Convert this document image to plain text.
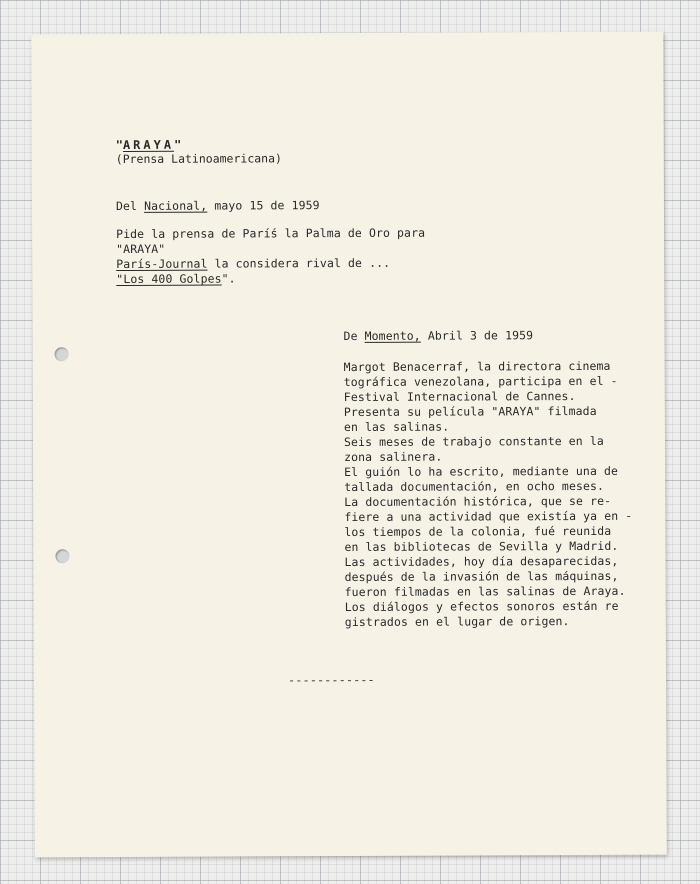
"ARAYA"
(Prensa Latinoamericana)
Del Nacional, mayo 15 de 1959
Pide la prensa de Parí́s la Palma de Oro para
"ARAYA"
París-Journal la considera rival de ...
"Los 400 Golpes".
De Momento, Abril 3 de 1959
Margot Benacerraf, la directora cinema
tográfica venezolana, participa en el -
Festival Internacional de Cannes.
Presenta su película "ARAYA" filmada
en las salinas.
Seis meses de trabajo constante en la
zona salinera.
El guión lo ha escrito, mediante una de
tallada documentación, en ocho meses.
La documentación histórica, que se re-
fiere a una actividad que existía ya en -
los tiempos de la colonia, fué reunida
en las bibliotecas de Sevilla y Madrid.
Las actividades, hoy día desaparecidas,
después de la invasión de las máquinas,
fueron filmadas en las salinas de Araya.
Los diálogos y efectos sonoros están re
gistrados en el lugar de origen.
------------
